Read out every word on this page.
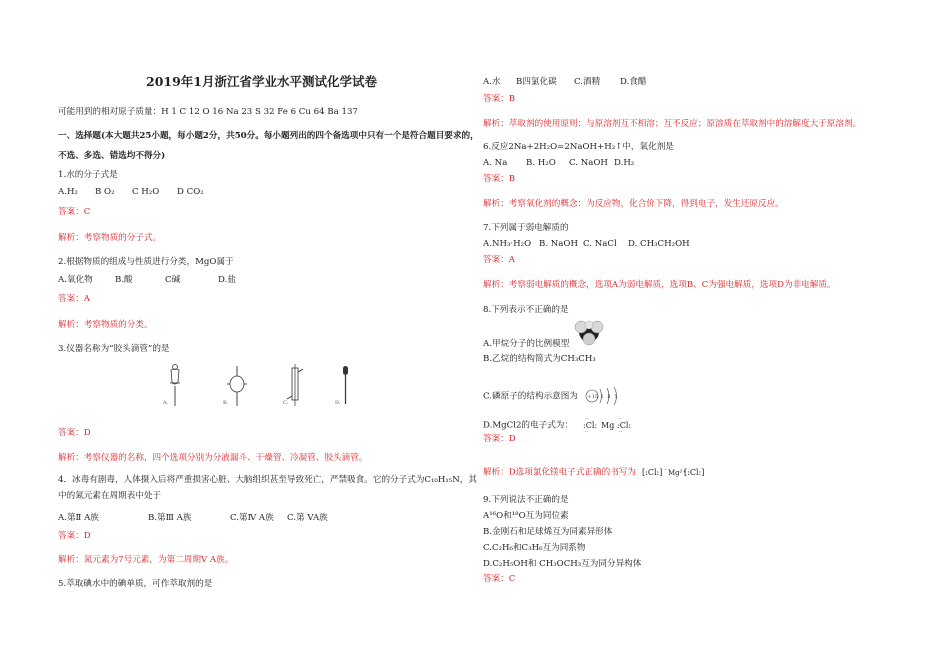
2019年1月浙江省学业水平测试化学试卷
可能用到的相对原子质量：H 1 C 12 O 16 Na 23 S 32 Fe 6 Cu 64 Ba 137
一、选择题(本大题共25小题，每小题2分，共50分。每小题列出的四个备选项中只有一个是符合题目要求的，
不选、多选、错选均不得分)
1.水的分子式是
A.H₂ B O₂ C H₂O D CO₂
答案：C
解析：考察物质的分子式。
2.根据物质的组成与性质进行分类，MgO属于
A.氧化物	B.酸	C碱	D.盐
答案：A
解析：考察物质的分类。
3.仪器名称为“胶头滴管”的是
A.	B.	C.	D.
答案：D
解析：考察仪器的名称，四个选项分别为分液漏斗、干燥管、冷凝管、胶头滴管。
4．冰毒有剧毒，人体摄入后将严重损害心脏、大脑组织甚至导致死亡，严禁吸食。它的分子式为C₁₀H₁₅N，其
中的氮元素在周期表中处于
A.第Ⅱ A族	B.第Ⅲ A族	C.第Ⅳ A族 C.第 VA族
答案：D
解析：氮元素为7号元素，为第二周期Ⅴ A族。
5.萃取碘水中的碘单质，可作萃取剂的是
A.水 B四氯化碳 C.酒精 D.食醋
答案：B
解析：萃取剂的使用原则：与原溶剂互不相溶；互不反应；原溶质在萃取剂中的溶解度大于原溶剂。
6.反应2Na+2H₂O=2NaOH+H₂↑中，氧化剂是
A. Na B. H₂O C. NaOH D.H₂
答案：B
解析：考察氧化剂的概念：为反应物，化合价下降，得到电子，发生还原反应。
7.下列属于弱电解质的
A.NH₃·H₂O B. NaOH C. NaCl D. CH₃CH₂OH
答案：A
解析：考察弱电解质的概念，选项A为弱电解质，选项B、C为强电解质，选项D为非电解质。
8.下列表示不正确的是
A.甲烷分子的比例模型
B.乙烷的结构简式为CH₃CH₃
C.磷原子的结构示意图为 +15 2 8 5
D.MgCl2的电子式为： :Cl: Mg :Cl:
··	··
··	··
答案：D
解析：D选项氯化镁电子式正确的书写为 [:Cl:] ⁻ Mg²⁺
[:Cl:]
9.下列说法不正确的是
A¹⁶O和¹⁸O互为同位素
B.金刚石和足球烯互为同素异形体
C.C₂H₆和C₃H₆互为同系物
D.C₂H₅OH和 CH₃OCH₃互为同分异构体
答案：C
